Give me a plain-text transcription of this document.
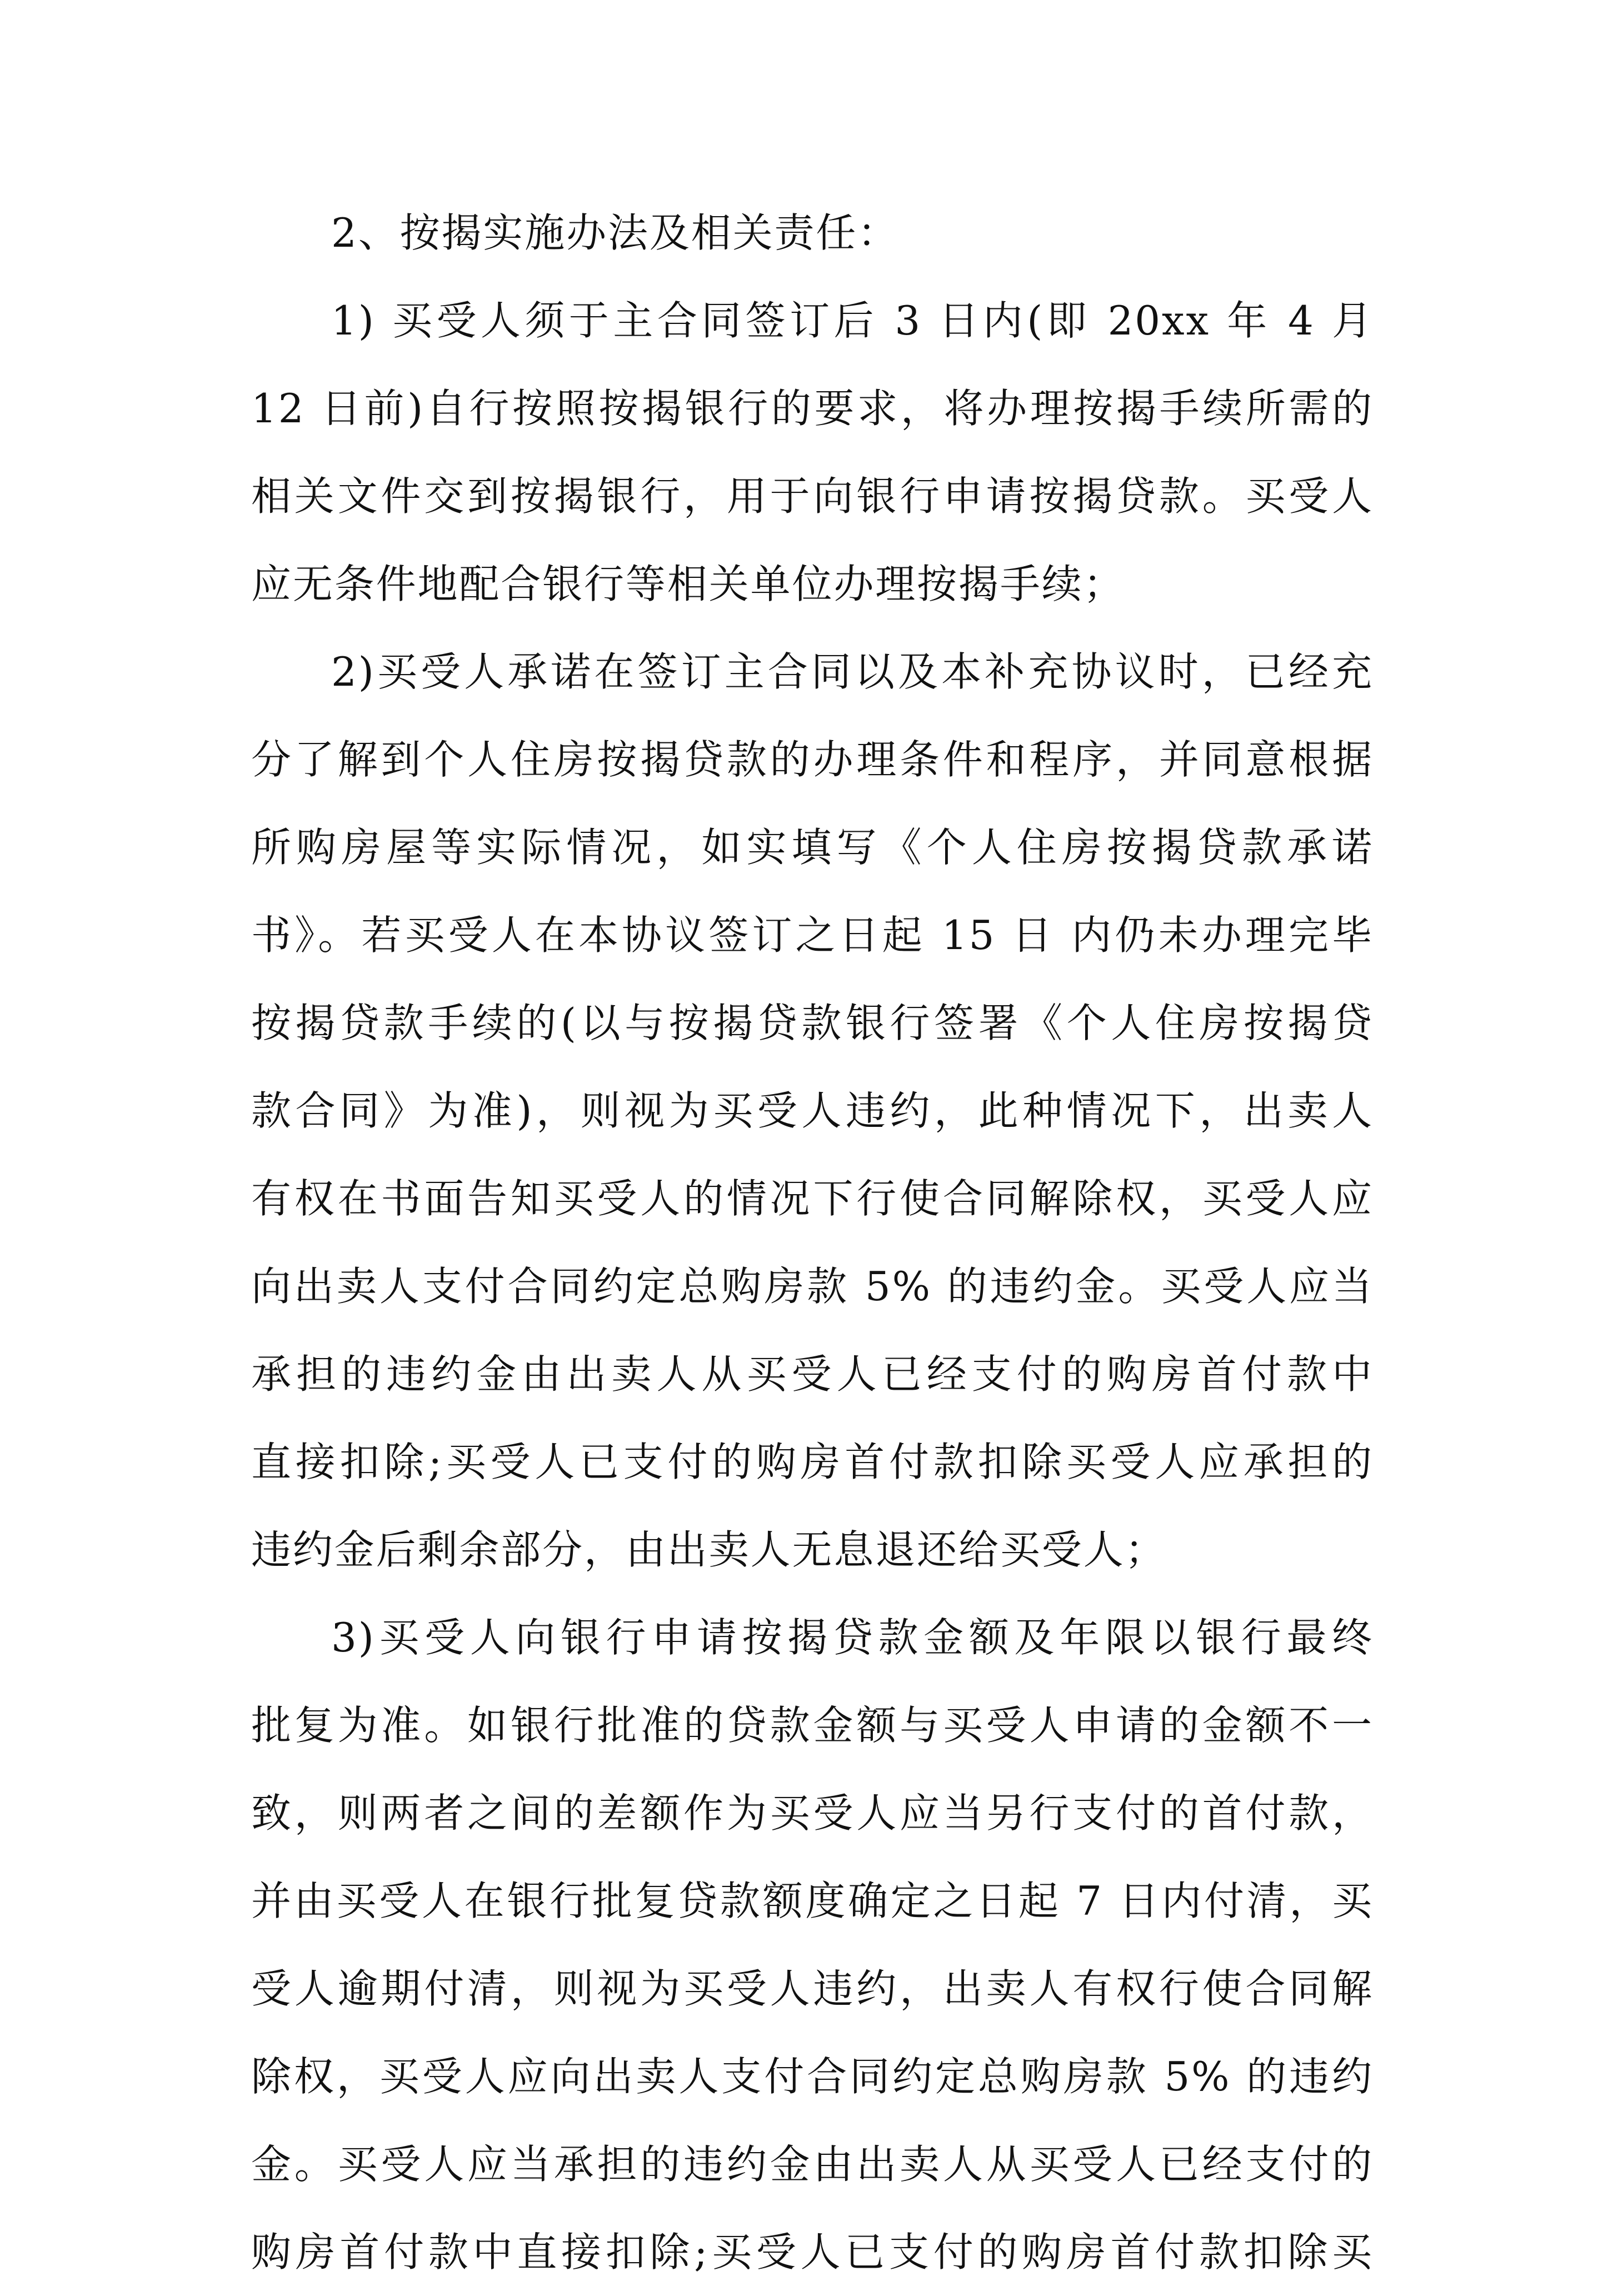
2、按揭实施办法及相关责任：
1) 买受人须于主合同签订后 3 日内(即 20xx 年 4 月
12 日前)自行按照按揭银行的要求，将办理按揭手续所需的
相关文件交到按揭银行，用于向银行申请按揭贷款。买受人
应无条件地配合银行等相关单位办理按揭手续；
2)买受人承诺在签订主合同以及本补充协议时，已经充
分了解到个人住房按揭贷款的办理条件和程序，并同意根据
所购房屋等实际情况，如实填写《个人住房按揭贷款承诺
书》。若买受人在本协议签订之日起 15 日 内仍未办理完毕
按揭贷款手续的(以与按揭贷款银行签署《个人住房按揭贷
款合同》为准)，则视为买受人违约，此种情况下，出卖人
有权在书面告知买受人的情况下行使合同解除权，买受人应
向出卖人支付合同约定总购房款 5% 的违约金。买受人应当
承担的违约金由出卖人从买受人已经支付的购房首付款中
直接扣除;买受人已支付的购房首付款扣除买受人应承担的
违约金后剩余部分，由出卖人无息退还给买受人；
3)买受人向银行申请按揭贷款金额及年限以银行最终
批复为准。如银行批准的贷款金额与买受人申请的金额不一
致，则两者之间的差额作为买受人应当另行支付的首付款，
并由买受人在银行批复贷款额度确定之日起 7 日内付清，买
受人逾期付清，则视为买受人违约，出卖人有权行使合同解
除权，买受人应向出卖人支付合同约定总购房款 5% 的违约
金。买受人应当承担的违约金由出卖人从买受人已经支付的
购房首付款中直接扣除;买受人已支付的购房首付款扣除买
